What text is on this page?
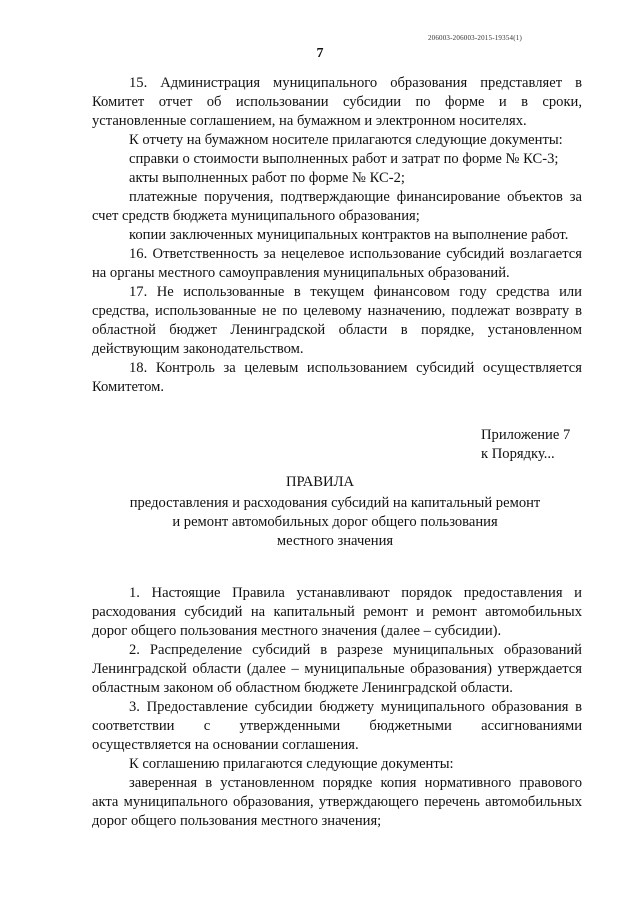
206003-206003-2015-19354(1)
7

15. Администрация муниципального образования представляет в Комитет отчет об использовании субсидии по форме и в сроки, установленные соглашением, на бумажном и электронном носителях.

К отчету на бумажном носителе прилагаются следующие документы:

справки о стоимости выполненных работ и затрат по форме № КС-3;

акты выполненных работ по форме № КС-2;

платежные поручения, подтверждающие финансирование объектов за счет средств бюджета муниципального образования;

копии заключенных муниципальных контрактов на выполнение работ.

16. Ответственность за нецелевое использование субсидий возлагается на органы местного самоуправления муниципальных образований.

17. Не использованные в текущем финансовом году средства или средства, использованные не по целевому назначению, подлежат возврату в областной бюджет Ленинградской области в порядке, установленном действующим законодательством.

18. Контроль за целевым использованием субсидий осуществляется Комитетом.

Приложение 7
к Порядку...
ПРАВИЛА
предоставления и расходования субсидий на капитальный ремонт
и ремонт автомобильных дорог общего пользования
местного значения

1. Настоящие Правила устанавливают порядок предоставления и расходования субсидий на капитальный ремонт и ремонт автомобильных дорог общего пользования местного значения (далее – субсидии).

2. Распределение субсидий в разрезе муниципальных образований Ленинградской области (далее – муниципальные образования) утверждается областным законом об областном бюджете Ленинградской области.

3. Предоставление субсидии бюджету муниципального образования в соответствии с утвержденными бюджетными ассигнованиями осуществляется на основании соглашения.

К соглашению прилагаются следующие документы:

заверенная в установленном порядке копия нормативного правового акта муниципального образования, утверждающего перечень автомобильных дорог общего пользования местного значения;
